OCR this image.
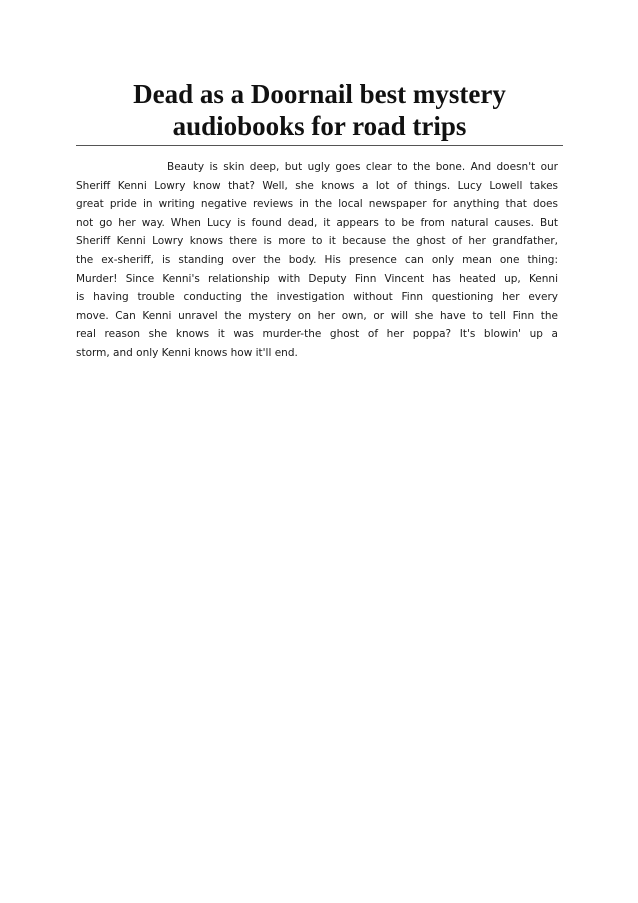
Dead as a Doornail best mystery
audiobooks for road trips
Beauty is skin deep, but ugly goes clear to the bone. And doesn't our
Sheriff Kenni Lowry know that? Well, she knows a lot of things. Lucy Lowell takes
great pride in writing negative reviews in the local newspaper for anything that does
not go her way. When Lucy is found dead, it appears to be from natural causes. But
Sheriff Kenni Lowry knows there is more to it because the ghost of her grandfather,
the ex-sheriff, is standing over the body. His presence can only mean one thing:
Murder! Since Kenni's relationship with Deputy Finn Vincent has heated up, Kenni
is having trouble conducting the investigation without Finn questioning her every
move. Can Kenni unravel the mystery on her own, or will she have to tell Finn the
real reason she knows it was murder-the ghost of her poppa? It's blowin' up a
storm, and only Kenni knows how it'll end.
